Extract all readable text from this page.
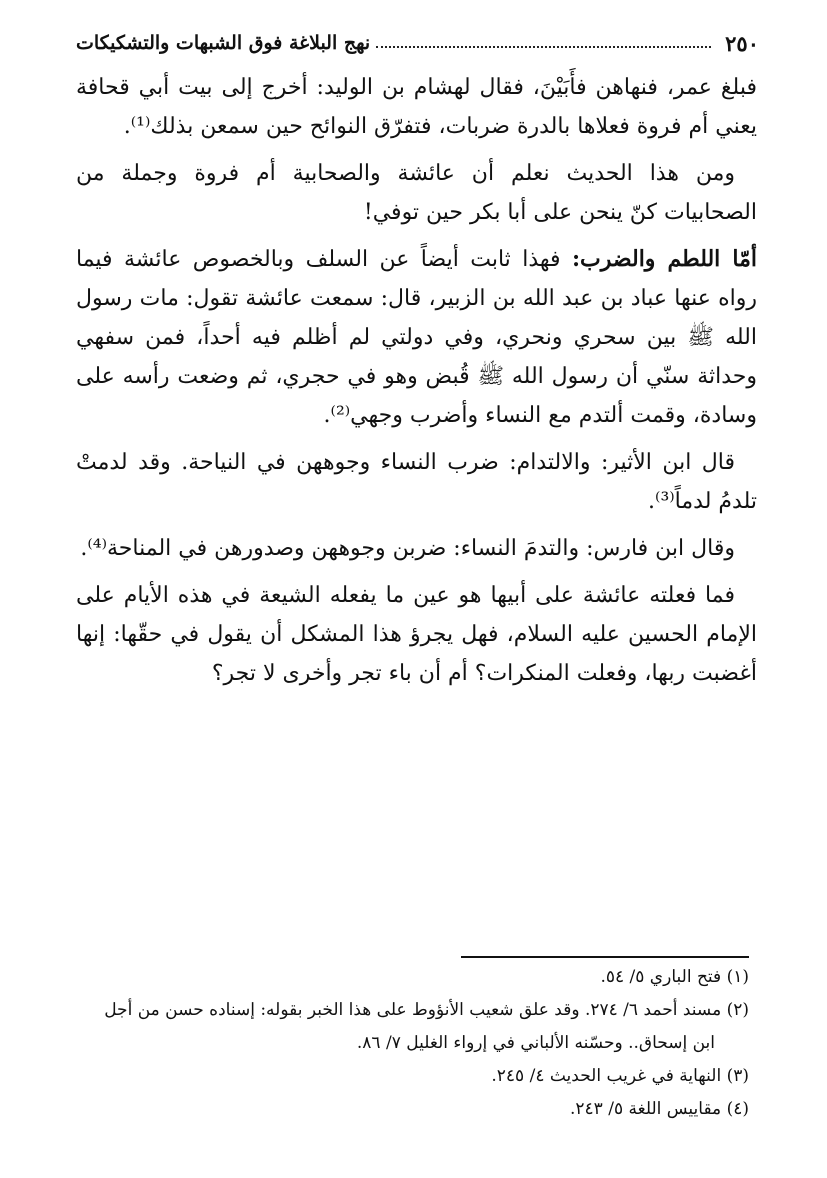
٢٥٠
نهج البلاغة فوق الشبهات والتشكيكات

فبلغ عمر، فنهاهن فأَبَيْنَ، فقال لهشام بن الوليد: أخرج إلى بيت أبي قحافة يعني أم فروة فعلاها بالدرة ضربات، فتفرّق النوائح حين سمعن بذلك⁽¹⁾.

ومن هذا الحديث نعلم أن عائشة والصحابية أم فروة وجملة من الصحابيات كنّ ينحن على أبا بكر حين توفي!

أمّا اللطم والضرب: فهذا ثابت أيضاً عن السلف وبالخصوص عائشة فيما رواه عنها عباد بن عبد الله بن الزبير، قال: سمعت عائشة تقول: مات رسول الله ﷺ بين سحري ونحري، وفي دولتي لم أظلم فيه أحداً، فمن سفهي وحداثة سنّي أن رسول الله ﷺ قُبض وهو في حجري، ثم وضعت رأسه على وسادة، وقمت ألتدم مع النساء وأضرب وجهي⁽²⁾.

قال ابن الأثير: والالتدام: ضرب النساء وجوههن في النياحة. وقد لدمتْ تلدمُ لدماً⁽³⁾.

وقال ابن فارس: والتدمَ النساء: ضربن وجوههن وصدورهن في المناحة⁽⁴⁾.

فما فعلته عائشة على أبيها هو عين ما يفعله الشيعة في هذه الأيام على الإمام الحسين عليه السلام، فهل يجرؤ هذا المشكل أن يقول في حقّها: إنها أغضبت ربها، وفعلت المنكرات؟ أم أن باء تجر وأخرى لا تجر؟

(١) فتح الباري ٥/ ٥٤.
(٢) مسند أحمد ٦/ ٢٧٤. وقد علق شعيب الأنؤوط على هذا الخبر بقوله: إسناده حسن من أجل
ابن إسحاق.. وحسّنه الألباني في إرواء الغليل ٧/ ٨٦.
(٣) النهاية في غريب الحديث ٤/ ٢٤٥.
(٤) مقاييس اللغة ٥/ ٢٤٣.
